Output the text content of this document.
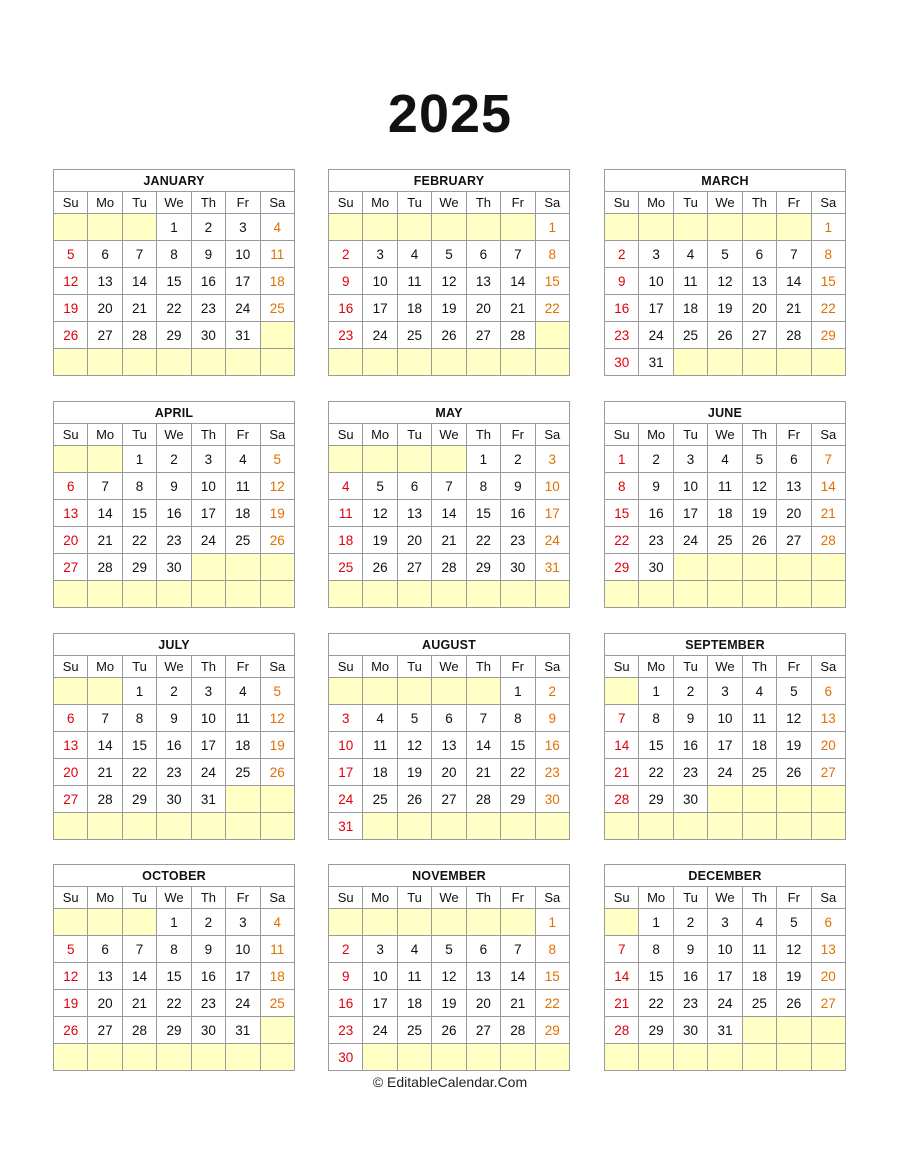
2025
JANUARY						
Su	Mo	Tu	We	Th	Fr	Sa
			1	2	3	4
5	6	7	8	9	10	11
12	13	14	15	16	17	18
19	20	21	22	23	24	25
26	27	28	29	30	31	

FEBRUARY						
Su	Mo	Tu	We	Th	Fr	Sa
						1
2	3	4	5	6	7	8
9	10	11	12	13	14	15
16	17	18	19	20	21	22
23	24	25	26	27	28	

MARCH						
Su	Mo	Tu	We	Th	Fr	Sa
						1
2	3	4	5	6	7	8
9	10	11	12	13	14	15
16	17	18	19	20	21	22
23	24	25	26	27	28	29
30	31					
APRIL						
Su	Mo	Tu	We	Th	Fr	Sa
		1	2	3	4	5
6	7	8	9	10	11	12
13	14	15	16	17	18	19
20	21	22	23	24	25	26
27	28	29	30			

MAY						
Su	Mo	Tu	We	Th	Fr	Sa
				1	2	3
4	5	6	7	8	9	10
11	12	13	14	15	16	17
18	19	20	21	22	23	24
25	26	27	28	29	30	31

JUNE						
Su	Mo	Tu	We	Th	Fr	Sa
1	2	3	4	5	6	7
8	9	10	11	12	13	14
15	16	17	18	19	20	21
22	23	24	25	26	27	28
29	30					

JULY						
Su	Mo	Tu	We	Th	Fr	Sa
		1	2	3	4	5
6	7	8	9	10	11	12
13	14	15	16	17	18	19
20	21	22	23	24	25	26
27	28	29	30	31		

AUGUST						
Su	Mo	Tu	We	Th	Fr	Sa
					1	2
3	4	5	6	7	8	9
10	11	12	13	14	15	16
17	18	19	20	21	22	23
24	25	26	27	28	29	30
31						
SEPTEMBER						
Su	Mo	Tu	We	Th	Fr	Sa
	1	2	3	4	5	6
7	8	9	10	11	12	13
14	15	16	17	18	19	20
21	22	23	24	25	26	27
28	29	30				

OCTOBER						
Su	Mo	Tu	We	Th	Fr	Sa
			1	2	3	4
5	6	7	8	9	10	11
12	13	14	15	16	17	18
19	20	21	22	23	24	25
26	27	28	29	30	31	

NOVEMBER						
Su	Mo	Tu	We	Th	Fr	Sa
						1
2	3	4	5	6	7	8
9	10	11	12	13	14	15
16	17	18	19	20	21	22
23	24	25	26	27	28	29
30						
DECEMBER						
Su	Mo	Tu	We	Th	Fr	Sa
	1	2	3	4	5	6
7	8	9	10	11	12	13
14	15	16	17	18	19	20
21	22	23	24	25	26	27
28	29	30	31			

© EditableCalendar.Com
